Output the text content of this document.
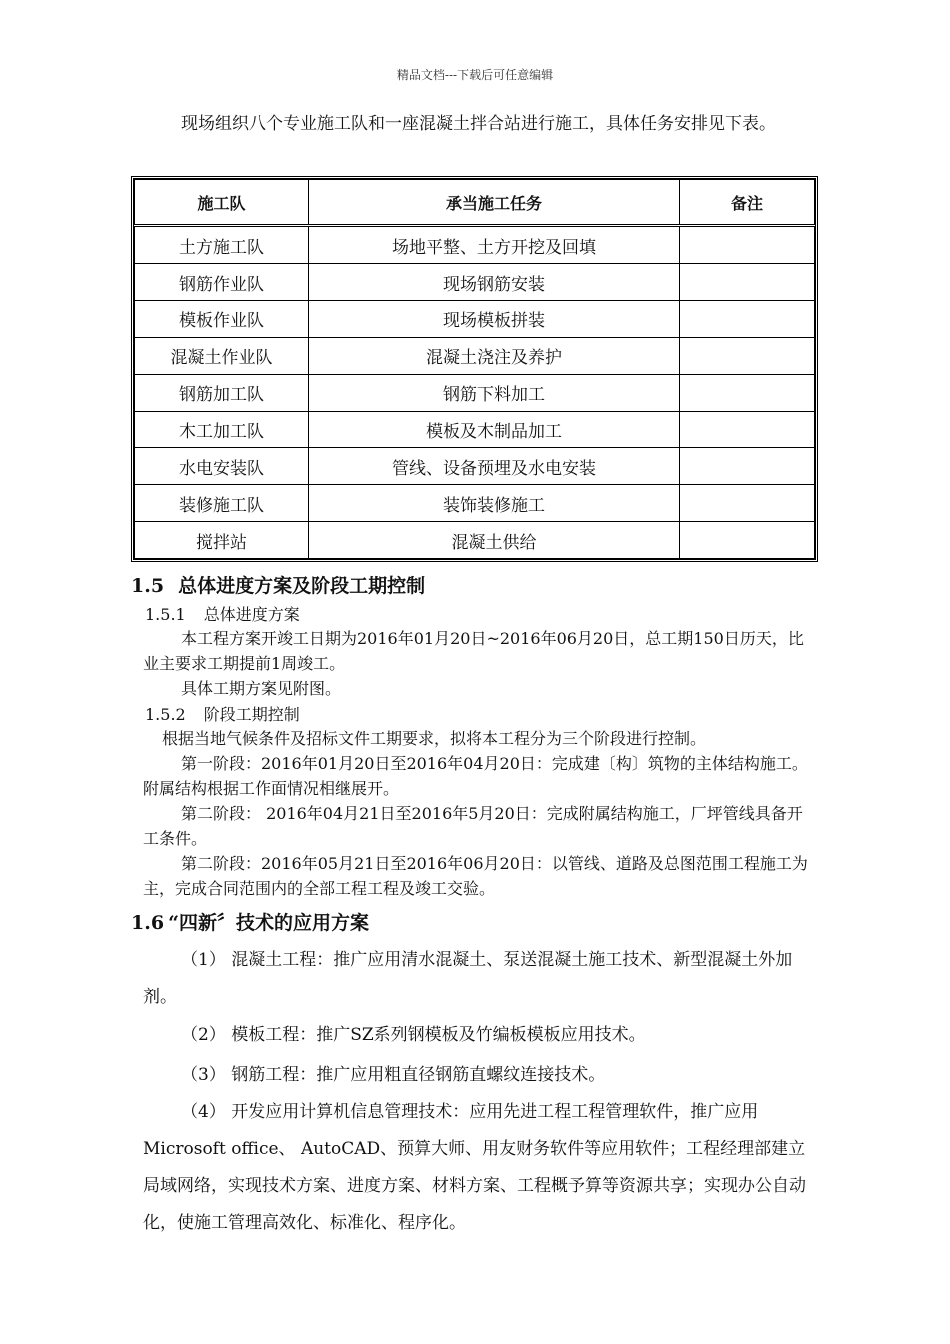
精品文档---下载后可任意编辑
现场组织八个专业施工队和一座混凝土拌合站进行施工，具体任务安排见下表。
施工队	承当施工任务	备注
土方施工队	场地平整、土方开挖及回填	
钢筋作业队	现场钢筋安装	
模板作业队	现场模板拼装	
混凝土作业队	混凝土浇注及养护	
钢筋加工队	钢筋下料加工	
木工加工队	模板及木制品加工	
水电安装队	管线、设备预埋及水电安装	
装修施工队	装饰装修施工	
搅拌站	混凝土供给	
1.5 总体进度方案及阶段工期控制
1.5.1 总体进度方案
本工程方案开竣工日期为2016年01月20日~2016年06月20日，总工期150日历天，比业主要求工期提前1周竣工。
具体工期方案见附图。
1.5.2 阶段工期控制
根据当地气候条件及招标文件工期要求，拟将本工程分为三个阶段进行控制。
第一阶段：2016年01月20日至2016年04月20日：完成建〔构〕筑物的主体结构施工。附属结构根据工作面情况相继展开。
第二阶段： 2016年04月21日至2016年5月20日：完成附属结构施工，厂坪管线具备开工条件。
第二阶段：2016年05月21日至2016年06月20日：以管线、道路及总图范围工程施工为主，完成合同范围内的全部工程工程及竣工交验。
1.6 “四新〞技术的应用方案
（1） 混凝土工程：推广应用清水混凝土、泵送混凝土施工技术、新型混凝土外加剂。
（2） 模板工程：推广SZ系列钢模板及竹编板模板应用技术。
（3） 钢筋工程：推广应用粗直径钢筋直螺纹连接技术。
（4） 开发应用计算机信息管理技术：应用先进工程工程管理软件，推广应用Microsoft office、 AutoCAD、预算大师、用友财务软件等应用软件；工程经理部建立局域网络，实现技术方案、进度方案、材料方案、工程概予算等资源共享；实现办公自动化，使施工管理高效化、标准化、程序化。
